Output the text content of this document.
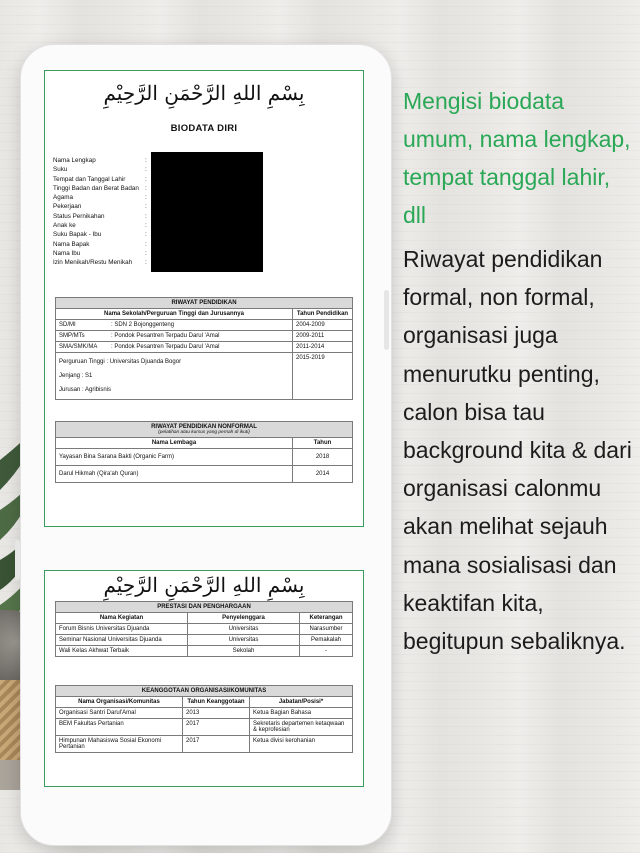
بِسْمِ اللهِ الرَّحْمَنِ الرَّحِيْمِ
BIODATA DIRI
Nama Lengkap	:
Suku	:
Tempat dan Tanggal Lahir	:
Tinggi Badan dan Berat Badan :
Agama	:
Pekerjaan	:
Status Pernikahan	:
Anak ke	:
Suku Bapak - Ibu	:
Nama Bapak	:
Nama Ibu	:
Izin Menikah/Restu Menikah	:
RIWAYAT PENDIDIKAN	
Nama Sekolah/Perguruan Tinggi dan Jurusannya	Tahun Pendidikan
SD/MI : SDN 2 Bojonggenteng	2004-2009
SMP/MTs : Pondok Pesantren Terpadu Darul 'Amal	2009-2011
SMA/SMK/MA : Pondok Pesantren Terpadu Darul 'Amal	2011-2014

Perguruan Tinggi : Universitas Djuanda Bogor
Jenjang : S1
Jurusan : Agribisnis	2015-2019
RIWAYAT PENDIDIKAN NONFORMAL
(pelatihan atau kursus yang pernah di ikuti)	

Nama Lembaga	Tahun
Yayasan Bina Sarana Bakti (Organic Farm)	2018
Darul Hikmah (Qira'ah Quran)	2014
بِسْمِ اللهِ الرَّحْمَنِ الرَّحِيْمِ
PRESTASI DAN PENGHARGAAN		
Nama Kegiatan	Penyelenggara	Keterangan
Forum Bisnis Universitas Djuanda	Universitas	Narasumber
Seminar Nasional Universitas Djuanda	Universitas	Pemakalah
Wali Kelas Akhwat Terbaik	Sekolah	-
KEANGGOTAAN ORGANISASI/KOMUNITAS		
Nama Organisasi/Komunitas	Tahun Keanggotaan	Jabatan/Posisi*
Organisasi Santri Darul'Amal	2013	Ketua Bagian Bahasa
BEM Fakultas Pertanian	2017	Sekretaris departemen ketaqwaan & keprofesian
Himpunan Mahasiswa Sosial Ekonomi Pertanian	2017	Ketua divisi kerohanian
Mengisi biodata umum, nama lengkap, tempat tanggal lahir, dll
Riwayat pendidikan formal, non formal, organisasi juga menurutku penting, calon bisa tau background kita & dari organisasi calonmu akan melihat sejauh mana sosialisasi dan keaktifan kita, begitupun sebaliknya.
